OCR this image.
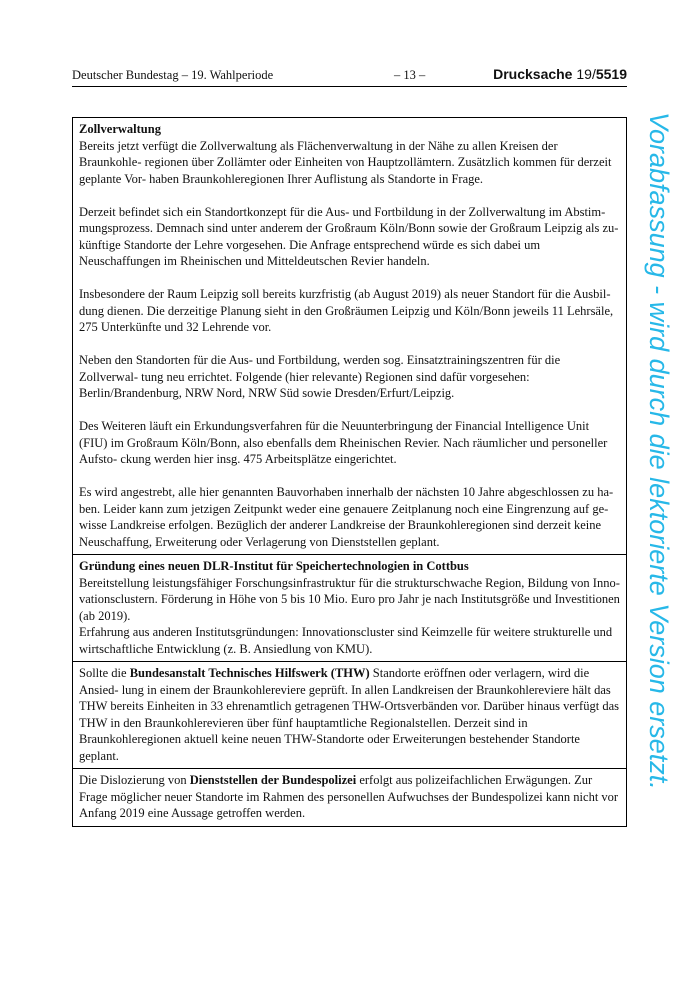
Deutscher Bundestag – 19. Wahlperiode	– 13 –	Drucksache 19/5519
Zollverwaltung

Bereits jetzt verfügt die Zollverwaltung als Flächenverwaltung in der Nähe zu allen Kreisen der Braunkohle- regionen über Zollämter oder Einheiten von Hauptzollämtern. Zusätzlich kommen für derzeit geplante Vor- haben Braunkohleregionen Ihrer Auflistung als Standorte in Frage.

Derzeit befindet sich ein Standortkonzept für die Aus- und Fortbildung in der Zollverwaltung im Abstim- mungsprozess. Demnach sind unter anderem der Großraum Köln/Bonn sowie der Großraum Leipzig als zu- künftige Standorte der Lehre vorgesehen. Die Anfrage entsprechend würde es sich dabei um Neuschaffungen im Rheinischen und Mitteldeutschen Revier handeln.

Insbesondere der Raum Leipzig soll bereits kurzfristig (ab August 2019) als neuer Standort für die Ausbil- dung dienen. Die derzeitige Planung sieht in den Großräumen Leipzig und Köln/Bonn jeweils 11 Lehrsäle, 275 Unterkünfte und 32 Lehrende vor.

Neben den Standorten für die Aus- und Fortbildung, werden sog. Einsatztrainingszentren für die Zollverwal- tung neu errichtet. Folgende (hier relevante) Regionen sind dafür vorgesehen: Berlin/Brandenburg, NRW Nord, NRW Süd sowie Dresden/Erfurt/Leipzig.

Des Weiteren läuft ein Erkundungsverfahren für die Neuunterbringung der Financial Intelligence Unit (FIU) im Großraum Köln/Bonn, also ebenfalls dem Rheinischen Revier. Nach räumlicher und personeller Aufsto- ckung werden hier insg. 475 Arbeitsplätze eingerichtet.

Es wird angestrebt, alle hier genannten Bauvorhaben innerhalb der nächsten 10 Jahre abgeschlossen zu ha- ben. Leider kann zum jetzigen Zeitpunkt weder eine genauere Zeitplanung noch eine Eingrenzung auf ge- wisse Landkreise erfolgen. Bezüglich der anderer Landkreise der Braunkohleregionen sind derzeit keine Neuschaffung, Erweiterung oder Verlagerung von Dienststellen geplant.

Gründung eines neuen DLR-Institut für Speichertechnologien in Cottbus

Bereitstellung leistungsfähiger Forschungsinfrastruktur für die strukturschwache Region, Bildung von Inno- vationsclustern. Förderung in Höhe von 5 bis 10 Mio. Euro pro Jahr je nach Institutsgröße und Investitionen (ab 2019).

Erfahrung aus anderen Institutsgründungen: Innovationscluster sind Keimzelle für weitere strukturelle und wirtschaftliche Entwicklung (z. B. Ansiedlung von KMU).

Sollte die Bundesanstalt Technisches Hilfswerk (THW) Standorte eröffnen oder verlagern, wird die Ansied- lung in einem der Braunkohlereviere geprüft. In allen Landkreisen der Braunkohlereviere hält das THW bereits Einheiten in 33 ehrenamtlich getragenen THW-Ortsverbänden vor. Darüber hinaus verfügt das THW in den Braunkohlerevieren über fünf hauptamtliche Regionalstellen. Derzeit sind in Braunkohleregionen aktuell keine neuen THW-Standorte oder Erweiterungen bestehender Standorte geplant.

Die Dislozierung von Dienststellen der Bundespolizei erfolgt aus polizeifachlichen Erwägungen. Zur Frage möglicher neuer Standorte im Rahmen des personellen Aufwuchses der Bundespolizei kann nicht vor Anfang 2019 eine Aussage getroffen werden.

Vorabfassung - wird durch die lektorierte Version ersetzt.
